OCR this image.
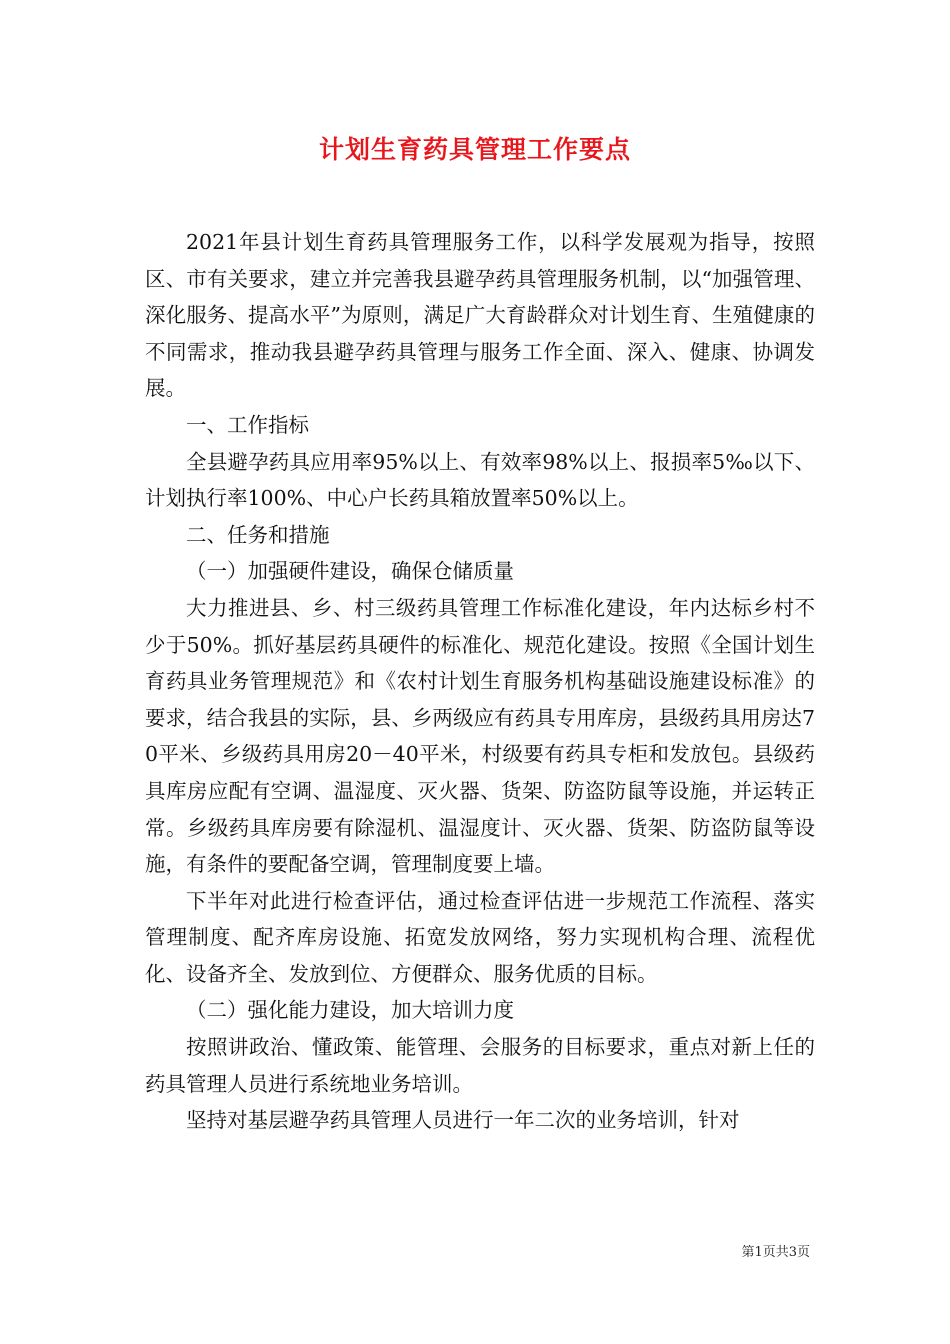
计划生育药具管理工作要点

2021年县计划生育药具管理服务工作，以科学发展观为指导，按照区、市有关要求，建立并完善我县避孕药具管理服务机制，以“加强管理、深化服务、提高水平”为原则，满足广大育龄群众对计划生育、生殖健康的不同需求，推动我县避孕药具管理与服务工作全面、深入、健康、协调发展。

一、工作指标

全县避孕药具应用率95%以上、有效率98%以上、报损率5‰以下、计划执行率100%、中心户长药具箱放置率50%以上。

二、任务和措施

（一）加强硬件建设，确保仓储质量

大力推进县、乡、村三级药具管理工作标准化建设，年内达标乡村不少于50%。抓好基层药具硬件的标准化、规范化建设。按照《全国计划生育药具业务管理规范》和《农村计划生育服务机构基础设施建设标准》的要求，结合我县的实际，县、乡两级应有药具专用库房，县级药具用房达70平米、乡级药具用房20－40平米，村级要有药具专柜和发放包。县级药具库房应配有空调、温湿度、灭火器、货架、防盗防鼠等设施，并运转正常。乡级药具库房要有除湿机、温湿度计、灭火器、货架、防盗防鼠等设施，有条件的要配备空调，管理制度要上墙。

下半年对此进行检查评估，通过检查评估进一步规范工作流程、落实管理制度、配齐库房设施、拓宽发放网络，努力实现机构合理、流程优化、设备齐全、发放到位、方便群众、服务优质的目标。

（二）强化能力建设，加大培训力度

按照讲政治、懂政策、能管理、会服务的目标要求，重点对新上任的药具管理人员进行系统地业务培训。

坚持对基层避孕药具管理人员进行一年二次的业务培训，针对

第1页共3页
